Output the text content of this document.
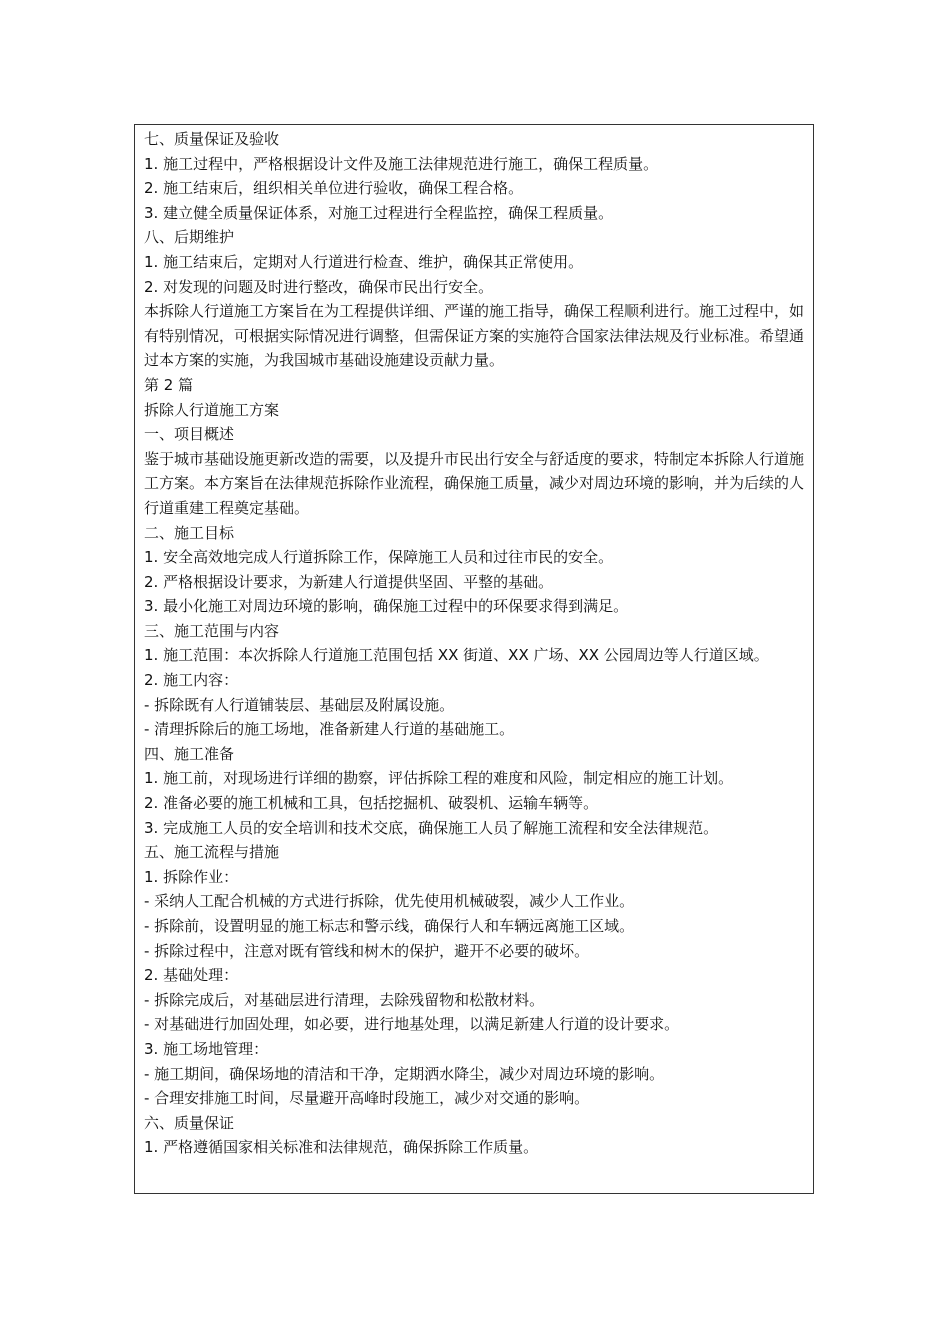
七、质量保证及验收

1. 施工过程中，严格根据设计文件及施工法律规范进行施工，确保工程质量。

2. 施工结束后，组织相关单位进行验收，确保工程合格。

3. 建立健全质量保证体系，对施工过程进行全程监控，确保工程质量。

八、后期维护

1. 施工结束后，定期对人行道进行检查、维护，确保其正常使用。

2. 对发现的问题及时进行整改，确保市民出行安全。

本拆除人行道施工方案旨在为工程提供详细、严谨的施工指导，确保工程顺利进行。施工过程中，如有特别情况，可根据实际情况进行调整，但需保证方案的实施符合国家法律法规及行业标准。希望通过本方案的实施，为我国城市基础设施建设贡献力量。

第 2 篇

拆除人行道施工方案

一、项目概述

鉴于城市基础设施更新改造的需要，以及提升市民出行安全与舒适度的要求，特制定本拆除人行道施工方案。本方案旨在法律规范拆除作业流程，确保施工质量，减少对周边环境的影响，并为后续的人行道重建工程奠定基础。

二、施工目标

1. 安全高效地完成人行道拆除工作，保障施工人员和过往市民的安全。

2. 严格根据设计要求，为新建人行道提供坚固、平整的基础。

3. 最小化施工对周边环境的影响，确保施工过程中的环保要求得到满足。

三、施工范围与内容

1. 施工范围：本次拆除人行道施工范围包括 XX 街道、XX 广场、XX 公园周边等人行道区域。

2. 施工内容：

- 拆除既有人行道铺装层、基础层及附属设施。

- 清理拆除后的施工场地，准备新建人行道的基础施工。

四、施工准备

1. 施工前，对现场进行详细的勘察，评估拆除工程的难度和风险，制定相应的施工计划。

2. 准备必要的施工机械和工具，包括挖掘机、破裂机、运输车辆等。

3. 完成施工人员的安全培训和技术交底，确保施工人员了解施工流程和安全法律规范。

五、施工流程与措施

1. 拆除作业：

- 采纳人工配合机械的方式进行拆除，优先使用机械破裂，减少人工作业。

- 拆除前，设置明显的施工标志和警示线，确保行人和车辆远离施工区域。

- 拆除过程中，注意对既有管线和树木的保护，避开不必要的破坏。

2. 基础处理：

- 拆除完成后，对基础层进行清理，去除残留物和松散材料。

- 对基础进行加固处理，如必要，进行地基处理，以满足新建人行道的设计要求。

3. 施工场地管理：

- 施工期间，确保场地的清洁和干净，定期洒水降尘，减少对周边环境的影响。

- 合理安排施工时间，尽量避开高峰时段施工，减少对交通的影响。

六、质量保证

1. 严格遵循国家相关标准和法律规范，确保拆除工作质量。
